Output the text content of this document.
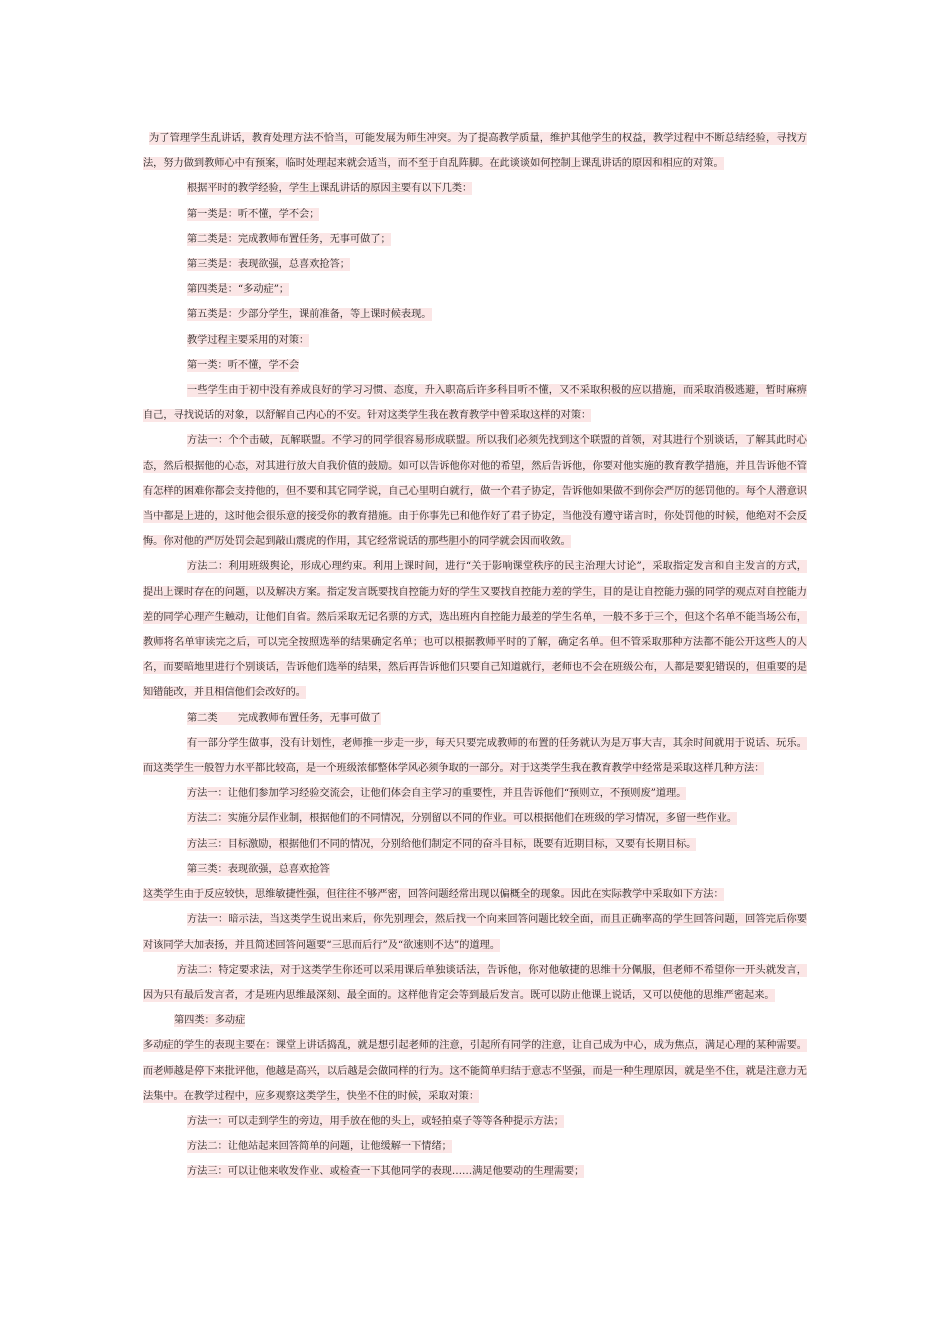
为了管理学生乱讲话，教育处理方法不恰当，可能发展为师生冲突。为了提高教学质量，维护其他学生的权益，教学过程中不断总结经验，寻找方法，努力做到教师心中有预案，临时处理起来就会适当，而不至于自乱阵脚。在此谈谈如何控制上课乱讲话的原因和相应的对策。

根据平时的教学经验，学生上课乱讲话的原因主要有以下几类：

第一类是：听不懂，学不会；

第二类是：完成教师布置任务，无事可做了；

第三类是：表现欲强，总喜欢抢答；

第四类是：“多动症”；

第五类是：少部分学生，课前准备，等上课时候表现。

教学过程主要采用的对策：

第一类：听不懂，学不会

一些学生由于初中没有养成良好的学习习惯、态度，升入职高后许多科目听不懂，又不采取积极的应以措施，而采取消极逃避，暂时麻痹自己，寻找说话的对象，以舒解自己内心的不安。针对这类学生我在教育教学中曾采取这样的对策：

方法一：个个击破，瓦解联盟。不学习的同学很容易形成联盟。所以我们必须先找到这个联盟的首领，对其进行个别谈话，了解其此时心态，然后根据他的心态，对其进行放大自我价值的鼓励。如可以告诉他你对他的希望，然后告诉他，你要对他实施的教育教学措施，并且告诉他不管有怎样的困难你都会支持他的，但不要和其它同学说，自己心里明白就行，做一个君子协定，告诉他如果做不到你会严厉的惩罚他的。每个人潜意识当中都是上进的，这时他会很乐意的接受你的教育措施。由于你事先已和他作好了君子协定，当他没有遵守诺言时，你处罚他的时候，他绝对不会反悔。你对他的严厉处罚会起到敲山震虎的作用，其它经常说话的那些胆小的同学就会因而收敛。

方法二：利用班级舆论，形成心理约束。利用上课时间，进行“关于影响课堂秩序的民主治理大讨论”，采取指定发言和自主发言的方式，提出上课时存在的问题，以及解决方案。指定发言既要找自控能力好的学生又要找自控能力差的学生，目的是让自控能力强的同学的观点对自控能力差的同学心理产生触动，让他们自省。然后采取无记名票的方式，选出班内自控能力最差的学生名单，一般不多于三个，但这个名单不能当场公布，教师将名单审读完之后，可以完全按照选举的结果确定名单；也可以根据教师平时的了解，确定名单。但不管采取那种方法都不能公开这些人的人名，而要暗地里进行个别谈话，告诉他们选举的结果，然后再告诉他们只要自己知道就行，老师也不会在班级公布，人都是要犯错误的，但重要的是知错能改，并且相信他们会改好的。

第二类　　完成教师布置任务，无事可做了

有一部分学生做事，没有计划性，老师推一步走一步，每天只要完成教师的布置的任务就认为是万事大吉，其余时间就用于说话、玩乐。而这类学生一般智力水平都比较高，是一个班级浓郁整体学风必须争取的一部分。对于这类学生我在教育教学中经常是采取这样几种方法：

方法一：让他们参加学习经验交流会，让他们体会自主学习的重要性，并且告诉他们“预则立，不预则废”道理。

方法二：实施分层作业制，根据他们的不同情况，分别留以不同的作业。可以根据他们在班级的学习情况，多留一些作业。

方法三：目标激励，根据他们不同的情况，分别给他们制定不同的奋斗目标，既要有近期目标，又要有长期目标。

第三类：表现欲强，总喜欢抢答

这类学生由于反应较快，思维敏捷性强，但往往不够严密，回答问题经常出现以偏概全的现象。因此在实际教学中采取如下方法：

方法一：暗示法，当这类学生说出来后，你先别理会，然后找一个向来回答问题比较全面，而且正确率高的学生回答问题，回答完后你要对该同学大加表扬，并且简述回答问题要“三思而后行”及“欲速则不达”的道理。

方法二：特定要求法，对于这类学生你还可以采用课后单独谈话法，告诉他，你对他敏捷的思维十分佩服，但老师不希望你一开头就发言，因为只有最后发言者，才是班内思维最深刻、最全面的。这样他肯定会等到最后发言。既可以防止他课上说话，又可以使他的思维严密起来。

第四类：多动症

多动症的学生的表现主要在：课堂上讲话捣乱，就是想引起老师的注意，引起所有同学的注意，让自己成为中心，成为焦点，满足心理的某种需要。而老师越是停下来批评他，他越是高兴，以后越是会做同样的行为。这不能简单归结于意志不坚强，而是一种生理原因，就是坐不住，就是注意力无法集中。在教学过程中，应多观察这类学生，快坐不住的时候，采取对策：

方法一：可以走到学生的旁边，用手放在他的头上，或轻拍桌子等等各种提示方法；

方法二：让他站起来回答简单的问题，让他缓解一下情绪；

方法三：可以让他来收发作业、或检查一下其他同学的表现……满足他要动的生理需要；
